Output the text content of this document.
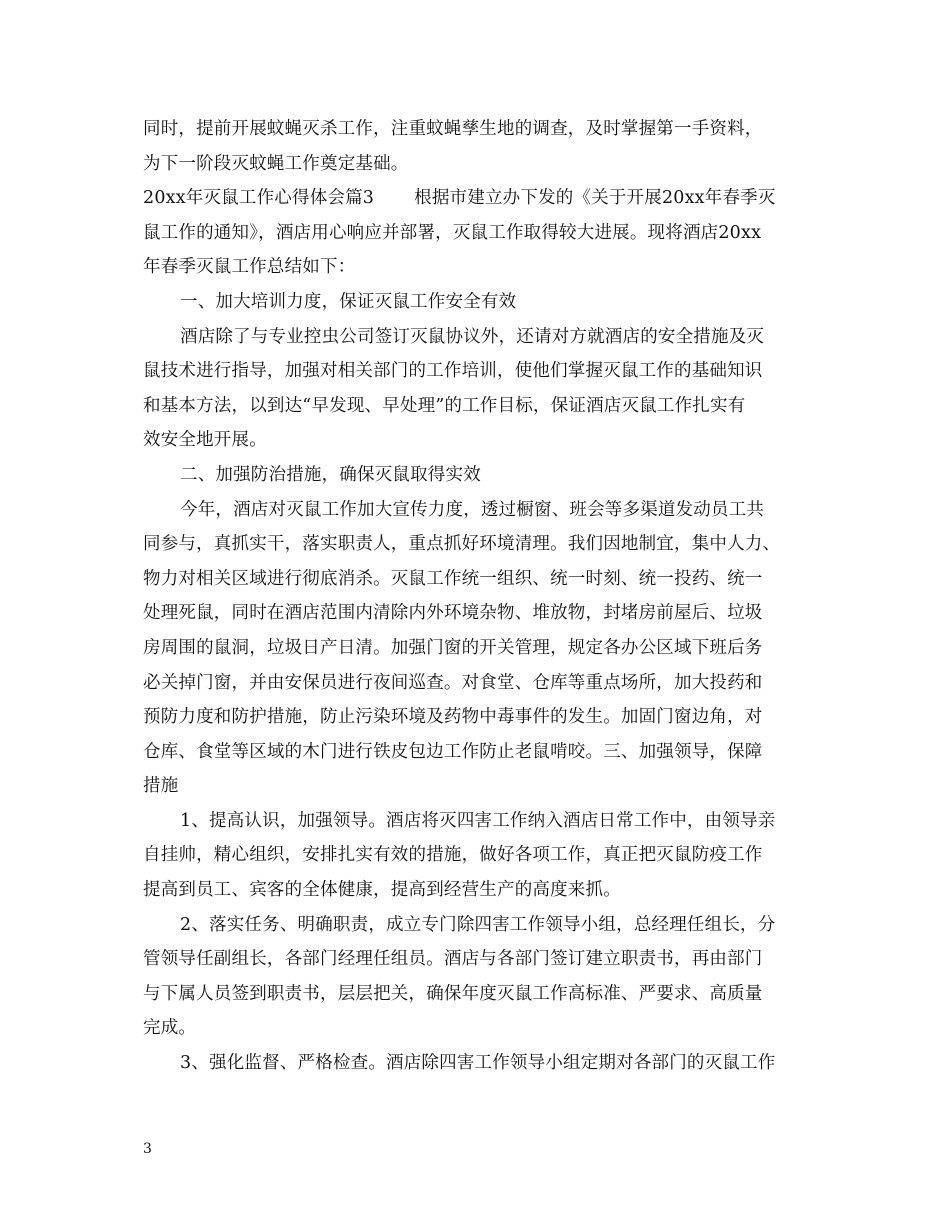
同时，提前开展蚊蝇灭杀工作，注重蚊蝇孳生地的调查，及时掌握第一手资料，
为下一阶段灭蚊蝇工作奠定基础。
20xx年灭鼠工作心得体会篇3 根据市建立办下发的《关于开展20xx年春季灭
鼠工作的通知》，酒店用心响应并部署，灭鼠工作取得较大进展。现将酒店20xx
年春季灭鼠工作总结如下：
一、加大培训力度，保证灭鼠工作安全有效
酒店除了与专业控虫公司签订灭鼠协议外，还请对方就酒店的安全措施及灭
鼠技术进行指导，加强对相关部门的工作培训，使他们掌握灭鼠工作的基础知识
和基本方法，以到达“早发现、早处理”的工作目标，保证酒店灭鼠工作扎实有
效安全地开展。
二、加强防治措施，确保灭鼠取得实效
今年，酒店对灭鼠工作加大宣传力度，透过橱窗、班会等多渠道发动员工共
同参与，真抓实干，落实职责人，重点抓好环境清理。我们因地制宜，集中人力、
物力对相关区域进行彻底消杀。灭鼠工作统一组织、统一时刻、统一投药、统一
处理死鼠，同时在酒店范围内清除内外环境杂物、堆放物，封堵房前屋后、垃圾
房周围的鼠洞，垃圾日产日清。加强门窗的开关管理，规定各办公区域下班后务
必关掉门窗，并由安保员进行夜间巡查。对食堂、仓库等重点场所，加大投药和
预防力度和防护措施，防止污染环境及药物中毒事件的发生。加固门窗边角，对
仓库、食堂等区域的木门进行铁皮包边工作防止老鼠啃咬。三、加强领导，保障
措施
1、提高认识，加强领导。酒店将灭四害工作纳入酒店日常工作中，由领导亲
自挂帅，精心组织，安排扎实有效的措施，做好各项工作，真正把灭鼠防疫工作
提高到员工、宾客的全体健康，提高到经营生产的高度来抓。
2、落实任务、明确职责，成立专门除四害工作领导小组，总经理任组长，分
管领导任副组长，各部门经理任组员。酒店与各部门签订建立职责书，再由部门
与下属人员签到职责书，层层把关，确保年度灭鼠工作高标准、严要求、高质量
完成。
3、强化监督、严格检查。酒店除四害工作领导小组定期对各部门的灭鼠工作
3
